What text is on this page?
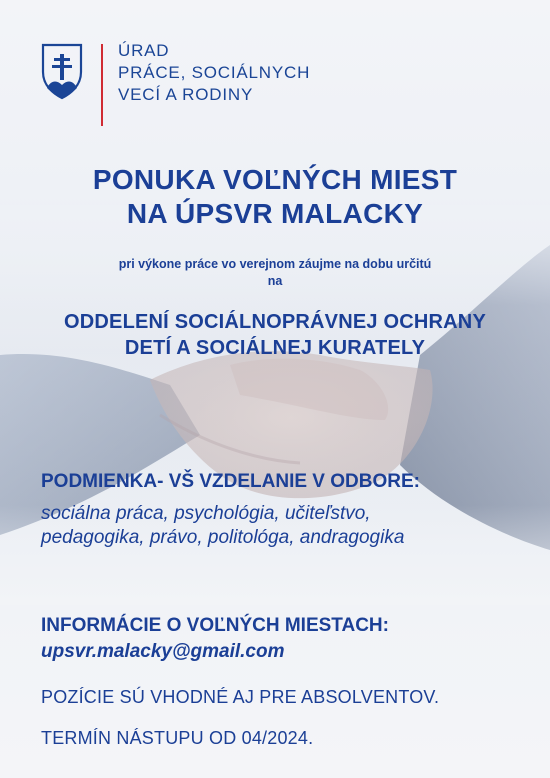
ÚRAD
PRÁCE, SOCIÁLNYCH
VECÍ A RODINY
PONUKA VOĽNÝCH MIEST
NA ÚPSVR MALACKY
pri výkone práce vo verejnom záujme na dobu určitú
na
ODDELENÍ SOCIÁLNOPRÁVNEJ OCHRANY
DETÍ A SOCIÁLNEJ KURATELY
PODMIENKA- VŠ VZDELANIE V ODBORE:
sociálna práca, psychológia, učiteľstvo,
pedagogika, právo, politológa, andragogika
INFORMÁCIE O VOĽNÝCH MIESTACH:
upsvr.malacky@gmail.com
POZÍCIE SÚ VHODNÉ AJ PRE ABSOLVENTOV.
TERMÍN NÁSTUPU OD 04/2024.
